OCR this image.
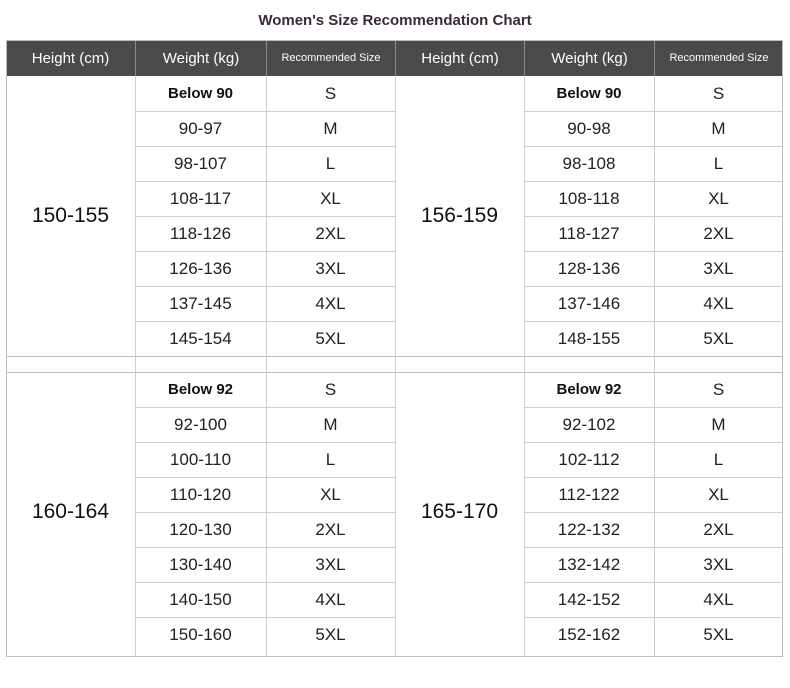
Women's Size Recommendation Chart
Height (cm)	Weight (kg)	Recommended Size	Height (cm)	Weight (kg)	Recommended Size
150-155
Below 90	S
90-97	M
98-107	L
108-117	XL
118-126	2XL
126-136	3XL
137-145	4XL
145-154	5XL
156-159
Below 90	S
90-98	M
98-108	L
108-118	XL
118-127	2XL
128-136	3XL
137-146	4XL
148-155	5XL
160-164
Below 92	S
92-100	M
100-110	L
110-120	XL
120-130	2XL
130-140	3XL
140-150	4XL
150-160	5XL
165-170
Below 92	S
92-102	M
102-112	L
112-122	XL
122-132	2XL
132-142	3XL
142-152	4XL
152-162	5XL
